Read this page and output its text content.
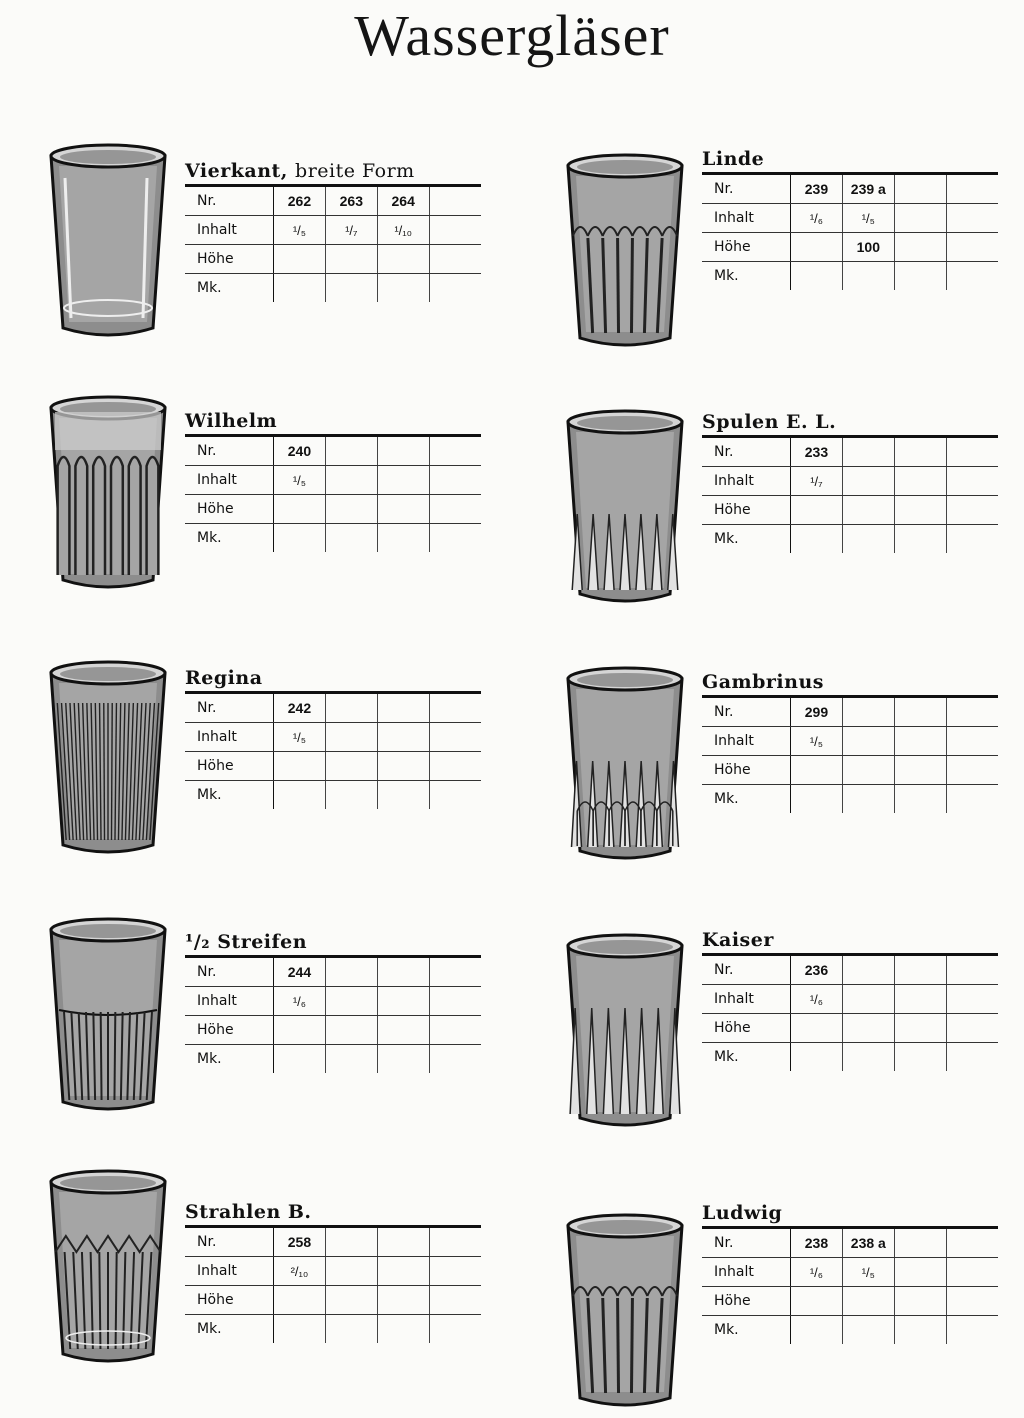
Wassergläser
Vierkant, breite Form
Nr.	262	263	264	
Inhalt	¹/₅	¹/₇	¹/₁₀	
Höhe				
Mk.				
Wilhelm
Nr.	240			
Inhalt	¹/₅			
Höhe				
Mk.				
Regina
Nr.	242			
Inhalt	¹/₅			
Höhe				
Mk.				
¹/₂ Streifen
Nr.	244			
Inhalt	¹/₆			
Höhe				
Mk.				
Strahlen B.
Nr.	258			
Inhalt	²/₁₀			
Höhe				
Mk.				
Linde
Nr.	239	239 a		
Inhalt	¹/₆	¹/₅		
Höhe		100		
Mk.				
Spulen E. L.
Nr.	233			
Inhalt	¹/₇			
Höhe				
Mk.				
Gambrinus
Nr.	299			
Inhalt	¹/₅			
Höhe				
Mk.				
Kaiser
Nr.	236			
Inhalt	¹/₆			
Höhe				
Mk.				
Ludwig
Nr.	238	238 a		
Inhalt	¹/₆	¹/₅		
Höhe				
Mk.				
